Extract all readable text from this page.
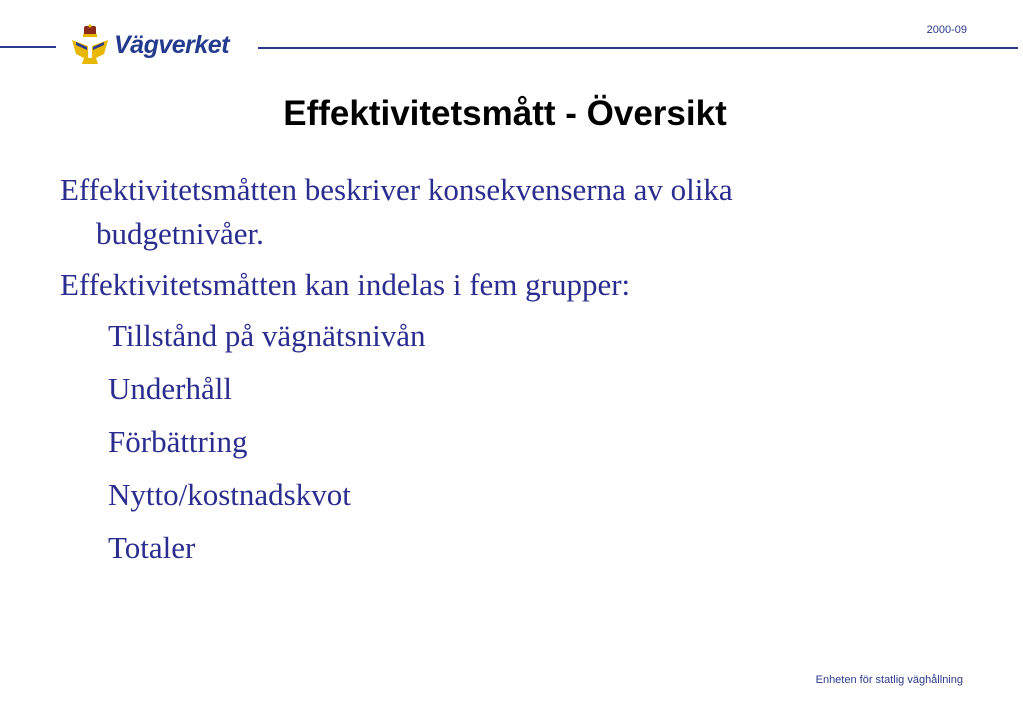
Vägverket
2000-09
Effektivitetsmått - Översikt

Effektivitetsmåtten beskriver konsekvenserna av olika budgetnivåer.

Effektivitetsmåtten kan indelas i fem grupper:

Tillstånd på vägnätsnivån
Underhåll
Förbättring
Nytto/kostnadskvot
Totaler
Enheten för statlig väghållning
